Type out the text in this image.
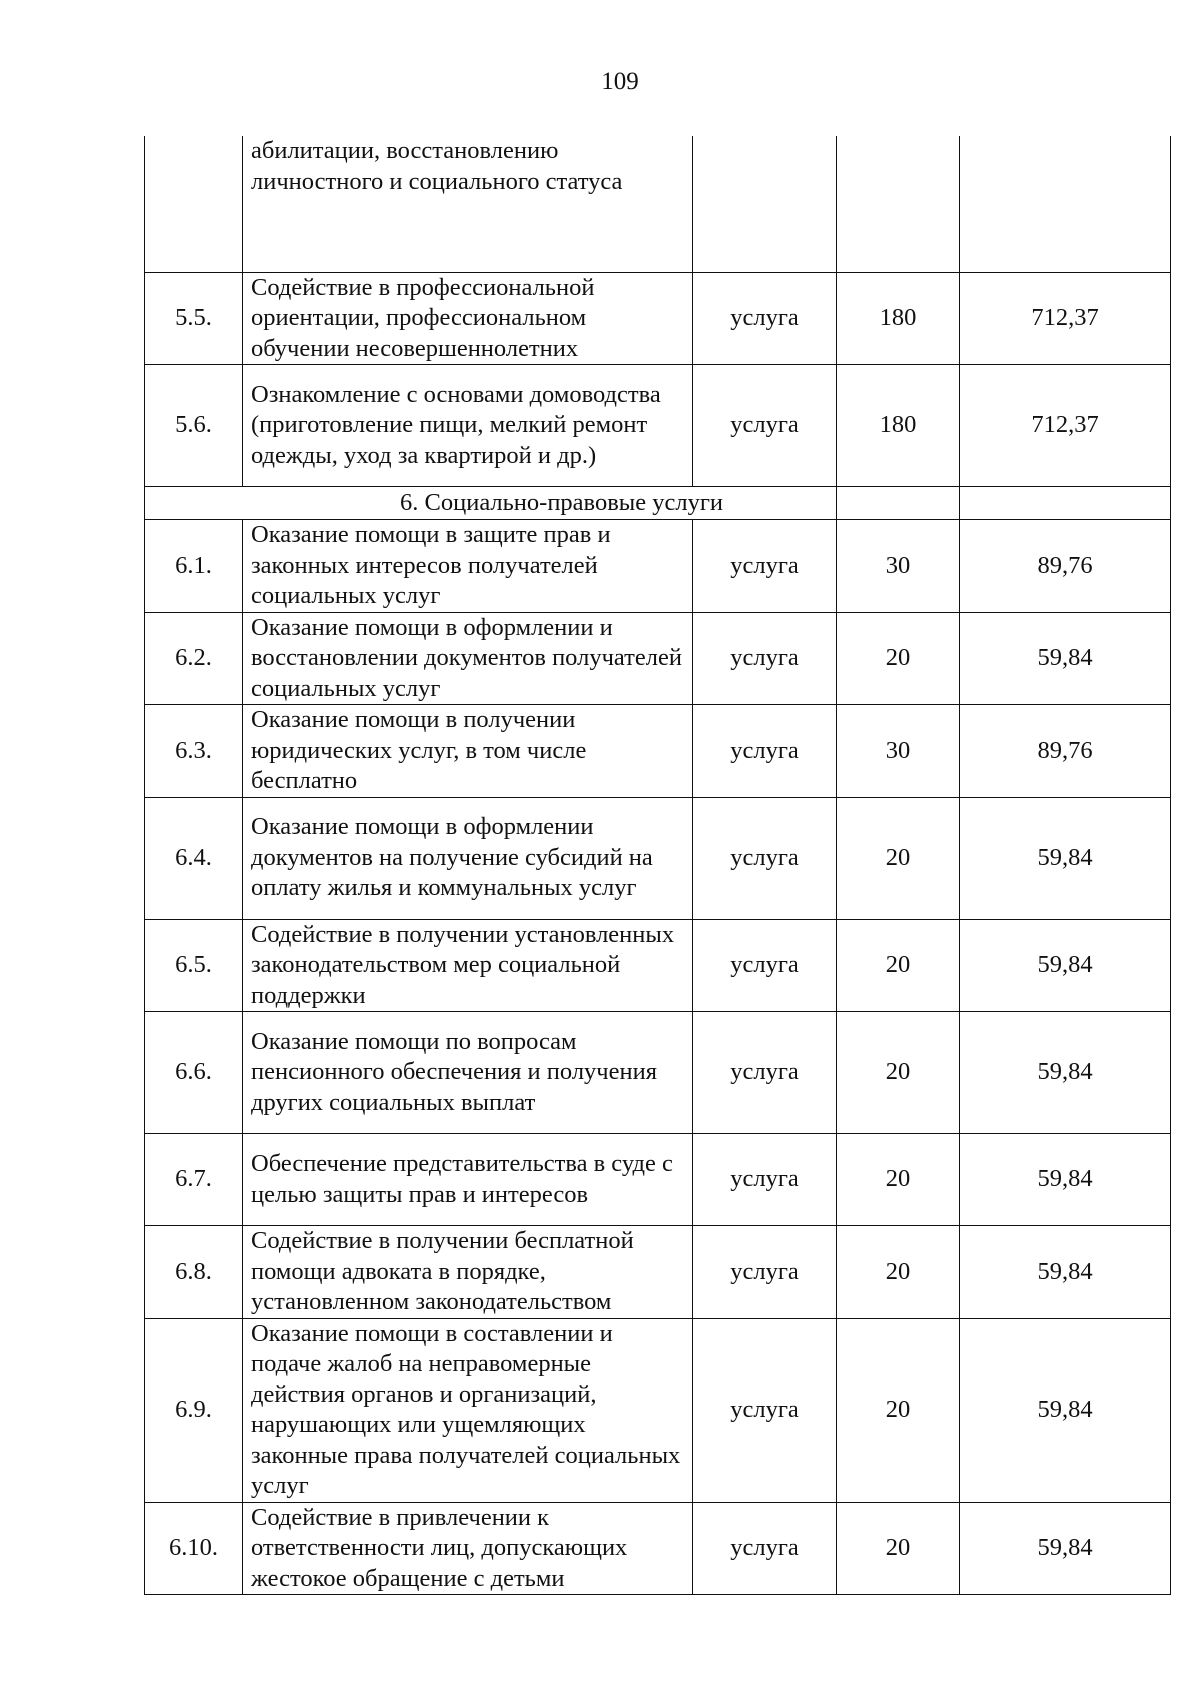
109
	абилитации, восстановлению личностного и социального статуса			
5.5.	Содействие в профессиональной ориентации, профессиональном обучении несовершеннолетних	услуга	180	712,37
5.6.	Ознакомление с основами домоводства (приготовление пищи, мелкий ремонт одежды, уход за квартирой и др.)	услуга	180	712,37
6. Социально-правовые услуги				
6.1.	Оказание помощи в защите прав и законных интересов получателей социальных услуг	услуга	30	89,76
6.2.	Оказание помощи в оформлении и восстановлении документов получателей социальных услуг	услуга	20	59,84
6.3.	Оказание помощи в получении юридических услуг, в том числе бесплатно	услуга	30	89,76
6.4.	Оказание помощи в оформлении документов на получение субсидий на оплату жилья и коммунальных услуг	услуга	20	59,84
6.5.	Содействие в получении установленных законодательством мер социальной поддержки	услуга	20	59,84
6.6.	Оказание помощи по вопросам пенсионного обеспечения и получения других социальных выплат	услуга	20	59,84
6.7.	Обеспечение представительства в суде с целью защиты прав и интересов	услуга	20	59,84
6.8.	Содействие в получении бесплатной помощи адвоката в порядке, установленном законодательством	услуга	20	59,84
6.9.	Оказание помощи в составлении и подаче жалоб на неправомерные действия органов и организаций, нарушающих или ущемляющих законные права получателей социальных услуг	услуга	20	59,84
6.10.	Содействие в привлечении к ответственности лиц, допускающих жестокое обращение с детьми	услуга	20	59,84
